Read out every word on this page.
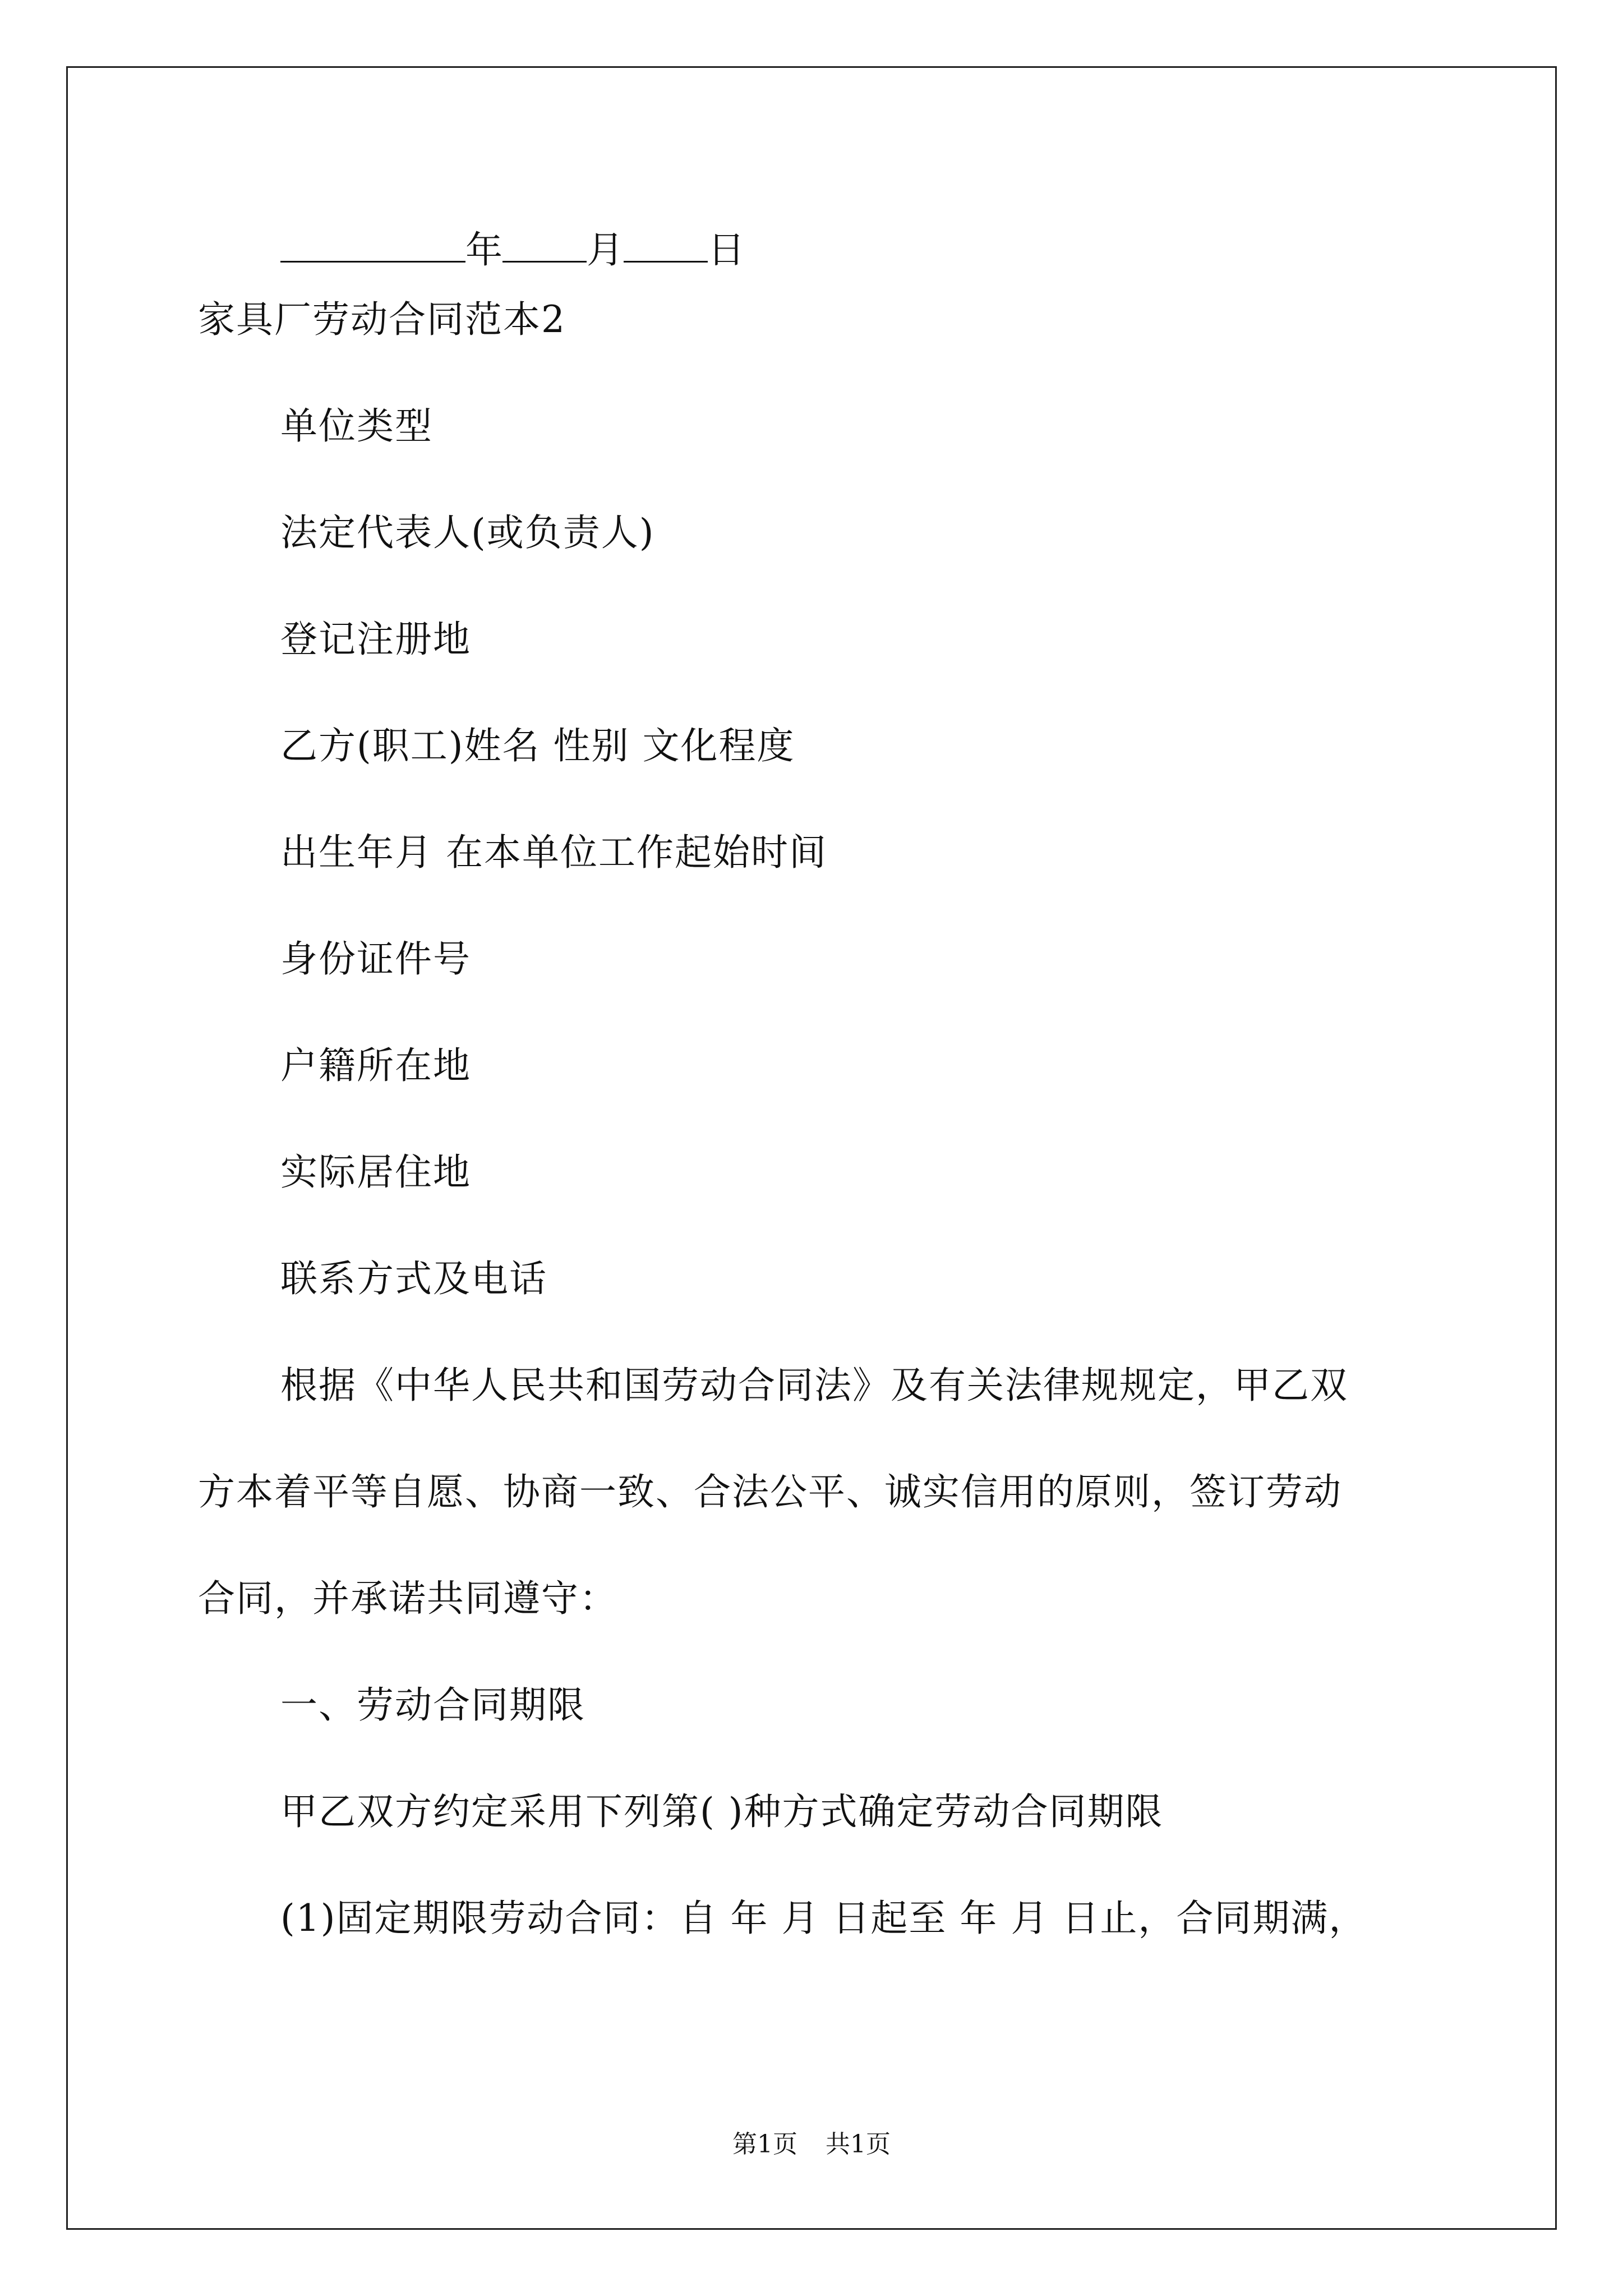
年 月 日
家具厂劳动合同范本2
单位类型
法定代表人(或负责人)
登记注册地
乙方(职工)姓名 性别 文化程度
出生年月 在本单位工作起始时间
身份证件号
户籍所在地
实际居住地
联系方式及电话
根据《中华人民共和国劳动合同法》及有关法律规规定，甲乙双
方本着平等自愿、协商一致、合法公平、诚实信用的原则，签订劳动
合同，并承诺共同遵守：
一、劳动合同期限
甲乙双方约定采用下列第( )种方式确定劳动合同期限
(1)固定期限劳动合同：自 年 月 日起至 年 月 日止，合同期满，
第1页 共1页
